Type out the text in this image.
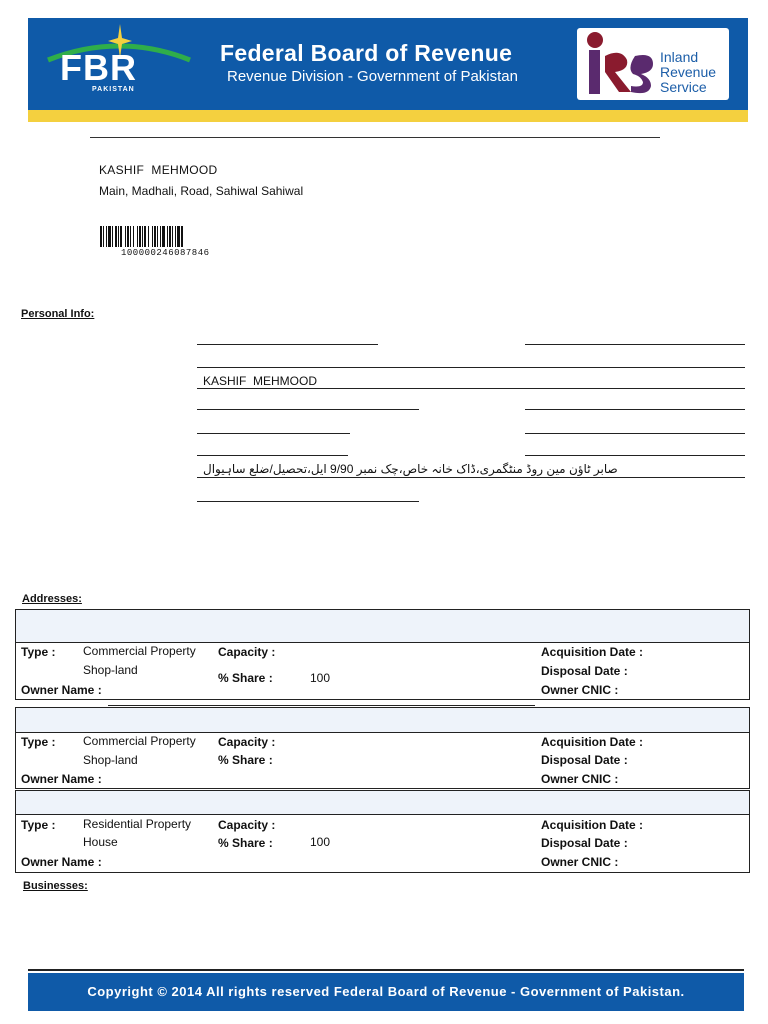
FBR
PAKISTAN
Federal Board of Revenue
Revenue Division - Government of Pakistan
Inland
Revenue
Service
KASHIF  MEHMOOD
Main, Madhali, Road, Sahiwal Sahiwal
100000246087846
Personal Info:
KASHIF  MEHMOOD
صابر ٹاؤن مین روڈ منٹگمری،ڈاک خانہ خاص،چک نمبر 9/90 ایل،تحصیل/ضلع ساہیوال
Addresses:
Type : Commercial Property
Shop-land
Capacity :
% Share :	100
Owner Name :
Acquisition Date :
Disposal Date :
Owner CNIC :
Type : Commercial Property
Shop-land
Capacity :
% Share :
Owner Name :
Acquisition Date :
Disposal Date :
Owner CNIC :
Type : Residential Property
House
Capacity :
% Share :	100
Owner Name :
Acquisition Date :
Disposal Date :
Owner CNIC :
Businesses:
Copyright © 2014 All rights reserved Federal Board of Revenue - Government of Pakistan.
